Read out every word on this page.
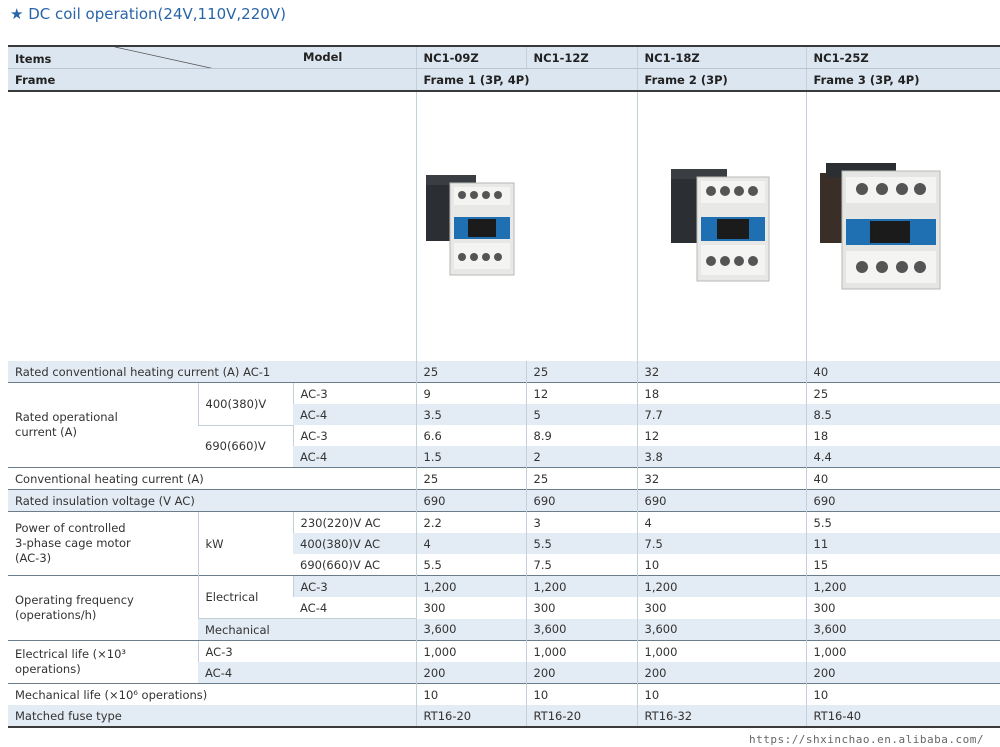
★ DC coil operation(24V,110V,220V)
Items Model			NC1-09Z	NC1-12Z	NC1-18Z	NC1-25Z
Frame			Frame 1 (3P, 4P)		Frame 2 (3P)	Frame 3 (3P, 4P)

Rated conventional heating current (A) AC-1			25	25	32	40
Rated operational current (A)	400(380)V	AC-3	9	12	18	25
		AC-4	3.5	5	7.7	8.5
	690(660)V	AC-3	6.6	8.9	12	18
		AC-4	1.5	2	3.8	4.4
Conventional heating current (A)			25	25	32	40
Rated insulation voltage (V AC)			690	690	690	690
Power of controlled 3-phase cage motor (AC-3)	kW	230(220)V AC	2.2	3	4	5.5
		400(380)V AC	4	5.5	7.5	11
		690(660)V AC	5.5	7.5	10	15
Operating frequency (operations/h)	Electrical	AC-3	1,200	1,200	1,200	1,200
		AC-4	300	300	300	300
	Mechanical		3,600	3,600	3,600	3,600
Electrical life (×10³ operations)	AC-3		1,000	1,000	1,000	1,000
	AC-4		200	200	200	200
Mechanical life (×10⁶ operations)			10	10	10	10
Matched fuse type			RT16-20	RT16-20	RT16-32	RT16-40
https://shxinchao.en.alibaba.com/
